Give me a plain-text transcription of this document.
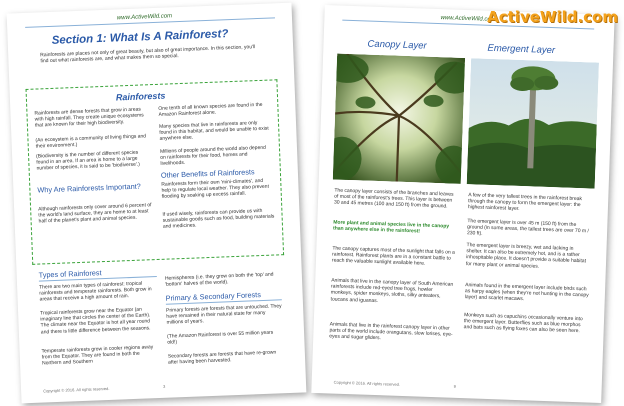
www.ActiveWild.com
Section 1: What Is A Rainforest?
Rainforests are places not only of great beauty, but also of great importance. In this section, you'll find out what rainforests are, and what makes them so special.
Rainforests
Rainforests are dense forests that grow in areas with high rainfall. They create unique ecosystems that are known for their high biodiversity.
(An ecosystem is a community of living things and their environment.)
(Biodiversity is the number of different species found in an area. If an area is home to a large number of species, it is said to be 'biodiverse'.)
Why Are Rainforests Important?
Although rainforests only cover around 6 percent of the world's land surface, they are home to at least half of the planet's plant and animal species.
One tenth of all known species are found in the Amazon Rainforest alone.
Many species that live in rainforests are only found in this habitat, and would be unable to exist anywhere else.
Millions of people around the world also depend on rainforests for their food, homes and livelihoods.
Other Benefits of Rainforests
Rainforests form their own 'mini-climates', and help to regulate local weather. They also prevent flooding by soaking up excess rainfall.
If used wisely, rainforests can provide us with sustainable goods such as food, building materials and medicines.
Types of Rainforest
There are two main types of rainforest: tropical rainforests and temperate rainforests. Both grow in areas that receive a high amount of rain.
Tropical rainforests grow near the Equator (an imaginary line that circles the center of the Earth). The climate near the Equator is hot all year round and there is little difference between the seasons.
Temperate rainforests grow in cooler regions away from the Equator. They are found in both the Northern and Southern
Hemispheres (i.e. they grow on both the 'top' and 'bottom' halves of the world).
Primary & Secondary Forests
Primary forests are forests that are untouched. They have remained in their natural state for many millions of years.
(The Amazon Rainforest is over 55 million years old!)
Secondary forests are forests that have re-grown after having been harvested.
Copyright © 2016. All rights reserved.	3
www.ActiveWild.com
Canopy Layer	Emergent Layer
The canopy layer consists of the branches and leaves of most of the rainforest's trees. This layer is between 30 and 45 metres (100 and 150 ft) from the ground.
More plant and animal species live in the canopy than anywhere else in the rainforest!
The canopy captures most of the sunlight that falls on a rainforest. Rainforest plants are in a constant battle to reach the valuable sunlight available here.
Animals that live in the canopy layer of South American rainforests include red-eyed tree frogs, howler monkeys, spider monkeys, sloths, silky anteaters, toucans and iguanas.
Animals that live in the rainforest canopy layer in other parts of the world include orangutans, slow lorises, eye-eyes and sugar gliders.
A few of the very tallest trees in the rainforest break through the canopy to form the emergent layer: the highest rainforest layer.
The emergent layer is over 45 m (150 ft) from the ground (in some areas, the tallest trees are over 70 m / 230 ft).
The emergent layer is breezy, wet and lacking in shelter. It can also be extremely hot, and is a rather inhospitable place. It doesn't provide a suitable habitat for many plant or animal species.
Animals found in the emergent layer include birds such as harpy eagles (when they're not hunting in the canopy layer) and scarlet macaws.
Monkeys such as capuchins occasionally venture into the emergent layer. Butterflies such as blue morphos and bats such as flying foxes can also be seen here.
Copyright © 2016. All rights reserved.	9
ActiveWild.com
